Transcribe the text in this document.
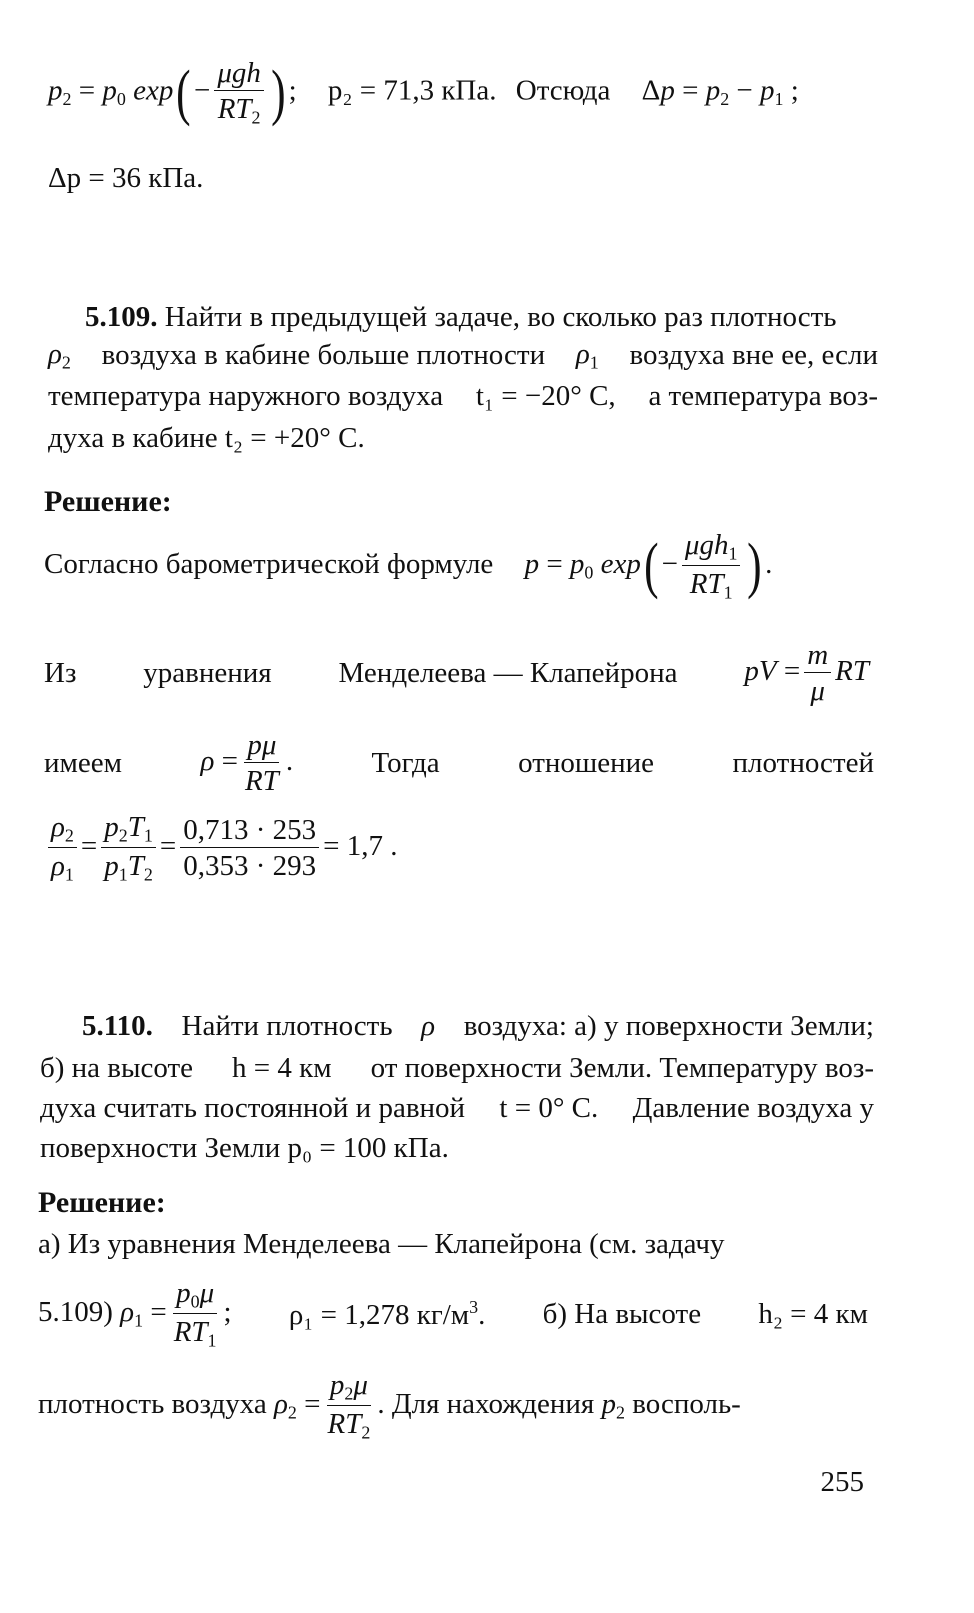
$p_2 = p_0$ $\exp( - \frac{\text{μgh}}{RT_2}$ ) ; p₂ = 71,3 кПа. Отсюда $\Delta p = p_2 - p_1$ ;
Δp = 36 кПа.
5.109. Найти в предыдущей задаче, во сколько раз плотность
$\rho_2$ воздуха в кабине больше плотности $\rho_1$ воздуха вне ее, если
температура наружного воздуха t₁ = −20° C, а температура воз-
духа в кабине t₂ = +20° C.
Решение:
Согласно барометрической формуле $p = p_0$ $\exp( - \frac{\mu gh_1}{RT_1}$ ) .
Из уравнения Менделеева — Клапейрона pV = $\frac{m}{\mu}$ RT
имеем	$\rho = \frac{p\mu}{RT}$ .	Тогда	отношение	плотностей
$\frac{\rho_2}{\rho_1} = \frac{p_2T_1}{p_1T_2} = \frac{0,713 \cdot 253}{0,353 \cdot 293} = 1,7$ .
5.110. Найти плотность ρ воздуха: а) у поверхности Земли;
б) на высоте h = 4 км от поверхности Земли. Температуру воз-
духа считать постоянной и равной t = 0° C. Давление воздуха у
поверхности Земли p₀ = 100 кПа.
Решение:
а) Из уравнения Менделеева — Клапейрона (см. задачу
5.109) $\rho_1 = \frac{p_0\mu}{RT_1}$ ; ρ₁ = 1,278 $кг/м^3$. б) На высоте h₂ = 4 км
плотность воздуха $\rho_2 = \frac{p_2\mu}{RT_2}$ . Для нахождения $p_2$ восполь-
255
